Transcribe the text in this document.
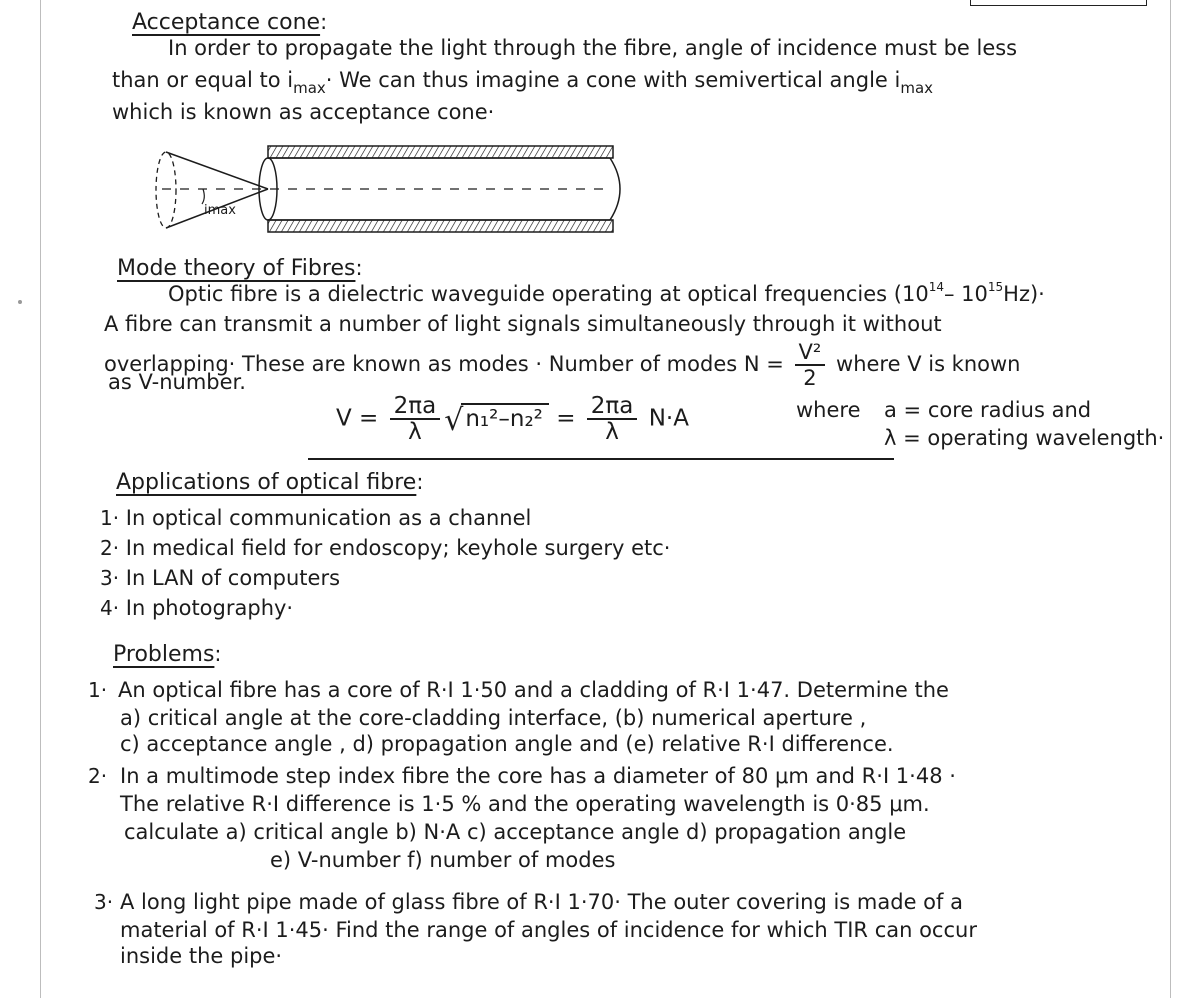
Acceptance cone:
In order to propagate the light through the fibre, angle of incidence must be less
than or equal to $i_{max}\cdot We$ can thus imagine a cone with semivertical angle $i_{max}$
which is known as acceptance cone·
imax
Mode theory of Fibres:
Optic fibre is a dielectric waveguide operating at optical frequencies ($10^{14}-$ $10^{15}Hz)\cdot$
A fibre can transmit a number of light signals simultaneously through it without
overlapping· These are known as modes · Number of modes $N = \frac{\text{V²}}{2}$ where V is known
as V-number.
$V = \frac{2\pi a}{\lambda} √n_1^2-n_2^2 = \frac{2\pi a}{\lambda} N\cdot A$	where a = core radius and
λ = operating wavelength·
Applications of optical fibre:
1· In optical communication as a channel
2· In medical field for endoscopy; keyhole surgery etc·
3· In LAN of computers
4· In photography·
Problems:
1· An optical fibre has a core of R·I 1·50 and a cladding of R·I 1·47. Determine the
a) critical angle at the core-cladding interface, (b) numerical aperture ,
c) acceptance angle , d) propagation angle and (e) relative R·I difference.
2· In a multimode step index fibre the core has a diameter of 80 μm and R·I 1·48 ·
The relative R·I difference is 1·5 % and the operating wavelength is 0·85 μm.
calculate a) critical angle b) N·A c) acceptance angle d) propagation angle
e) V-number f) number of modes
3· A long light pipe made of glass fibre of R·I 1·70· The outer covering is made of a
material of R·I 1·45· Find the range of angles of incidence for which TIR can occur
inside the pipe·
